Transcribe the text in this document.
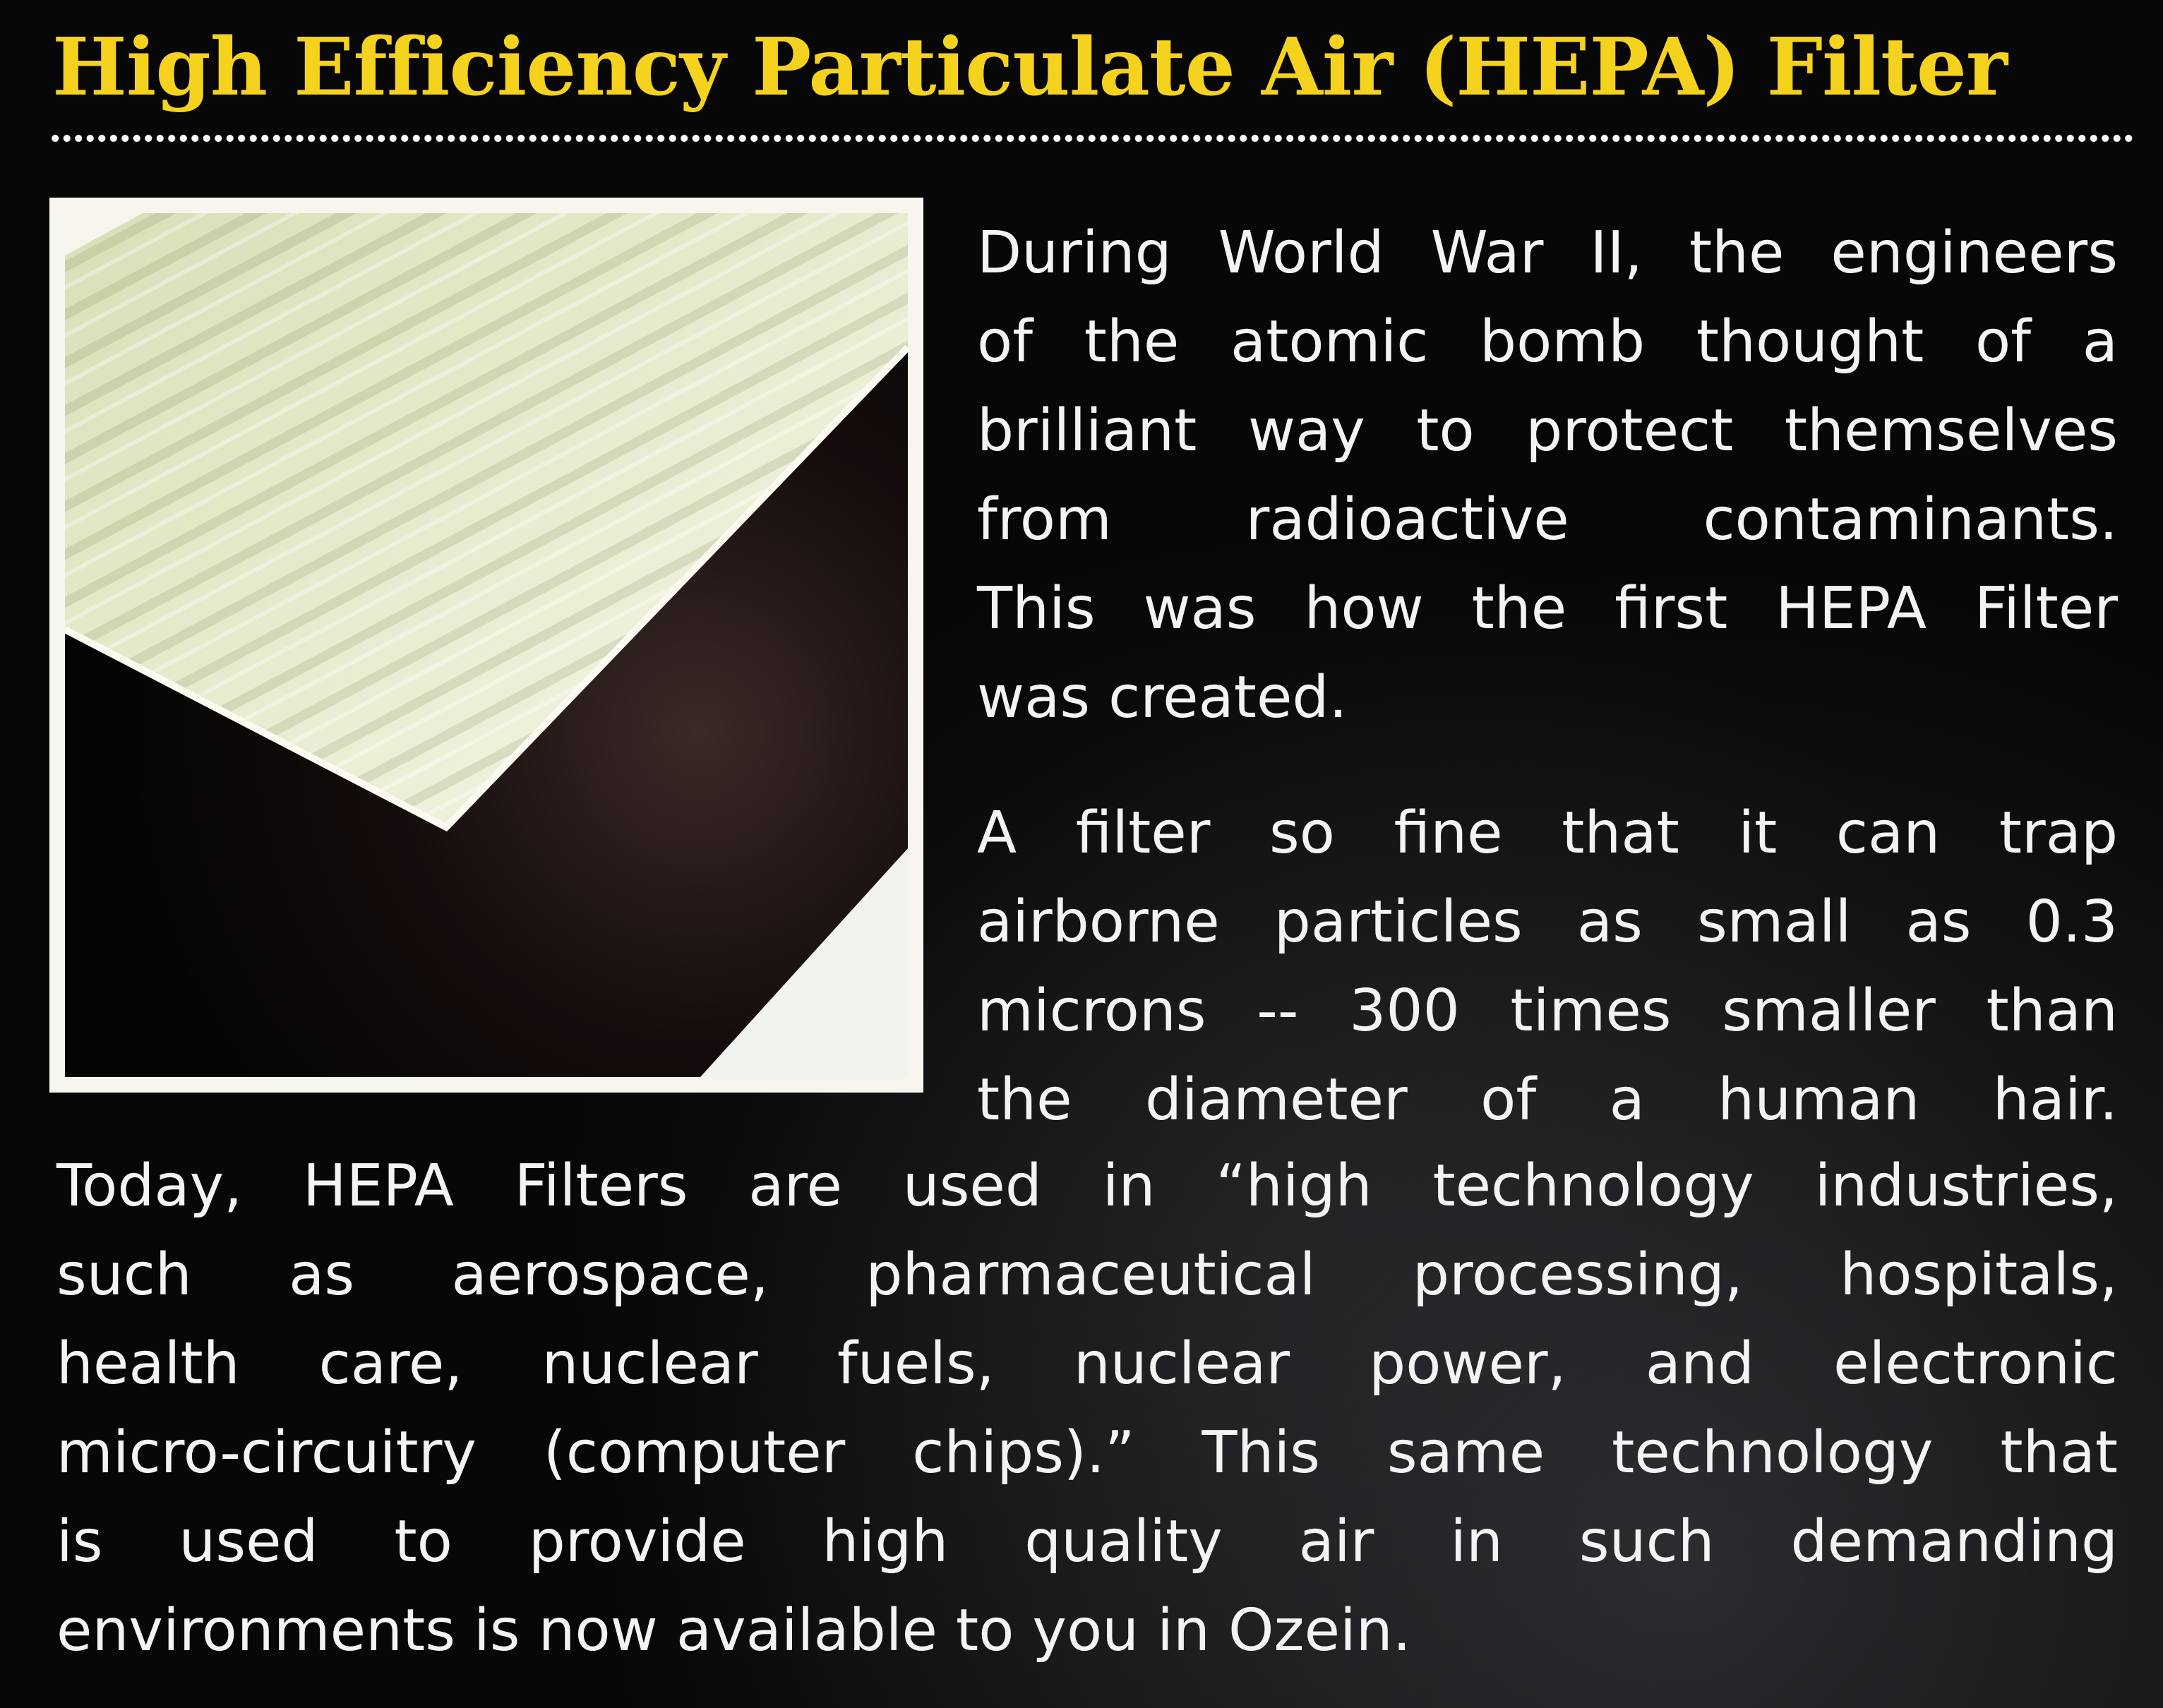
High Efficiency Particulate Air (HEPA) Filter
During World War II, the engineers
of the atomic bomb thought of a
brilliant way to protect themselves
from radioactive contaminants.
This was how the first HEPA Filter
was created.
A filter so fine that it can trap
airborne particles as small as 0.3
microns -- 300 times smaller than
the diameter of a human hair.
Today, HEPA Filters are used in “high technology industries,
such as aerospace, pharmaceutical processing, hospitals,
health care, nuclear fuels, nuclear power, and electronic
micro-circuitry (computer chips).” This same technology that
is used to provide high quality air in such demanding
environments is now available to you in Ozein.
